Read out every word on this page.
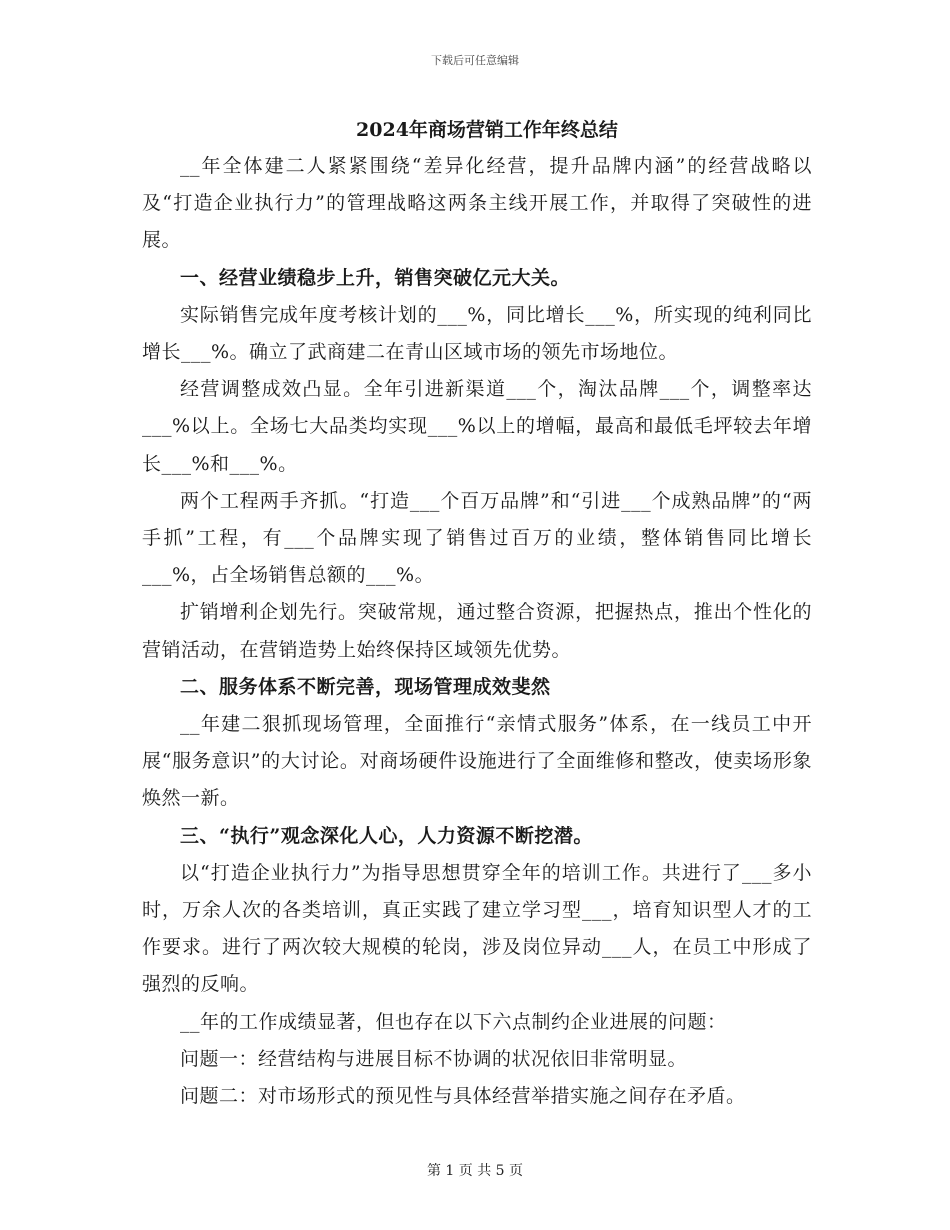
下载后可任意编辑
2024年商场营销工作年终总结

__年全体建二人紧紧围绕“差异化经营，提升品牌内涵”的经营战略以及“打造企业执行力”的管理战略这两条主线开展工作，并取得了突破性的进展。

一、经营业绩稳步上升，销售突破亿元大关。

实际销售完成年度考核计划的___%，同比增长___%，所实现的纯利同比增长___%。确立了武商建二在青山区域市场的领先市场地位。

经营调整成效凸显。全年引进新渠道___个，淘汰品牌___个，调整率达___%以上。全场七大品类均实现___%以上的增幅，最高和最低毛坪较去年增长___%和___%。

两个工程两手齐抓。“打造___个百万品牌”和“引进___个成熟品牌”的“两手抓”工程，有___个品牌实现了销售过百万的业绩，整体销售同比增长___%，占全场销售总额的___%。

扩销增利企划先行。突破常规，通过整合资源，把握热点，推出个性化的营销活动，在营销造势上始终保持区域领先优势。

二、服务体系不断完善，现场管理成效斐然

__年建二狠抓现场管理，全面推行“亲情式服务”体系，在一线员工中开展“服务意识”的大讨论。对商场硬件设施进行了全面维修和整改，使卖场形象焕然一新。

三、“执行”观念深化人心，人力资源不断挖潜。

以“打造企业执行力”为指导思想贯穿全年的培训工作。共进行了___多小时，万余人次的各类培训，真正实践了建立学习型___，培育知识型人才的工作要求。进行了两次较大规模的轮岗，涉及岗位异动___人，在员工中形成了强烈的反响。

__年的工作成绩显著，但也存在以下六点制约企业进展的问题：

问题一：经营结构与进展目标不协调的状况依旧非常明显。

问题二：对市场形式的预见性与具体经营举措实施之间存在矛盾。

第 1 页 共 5 页
